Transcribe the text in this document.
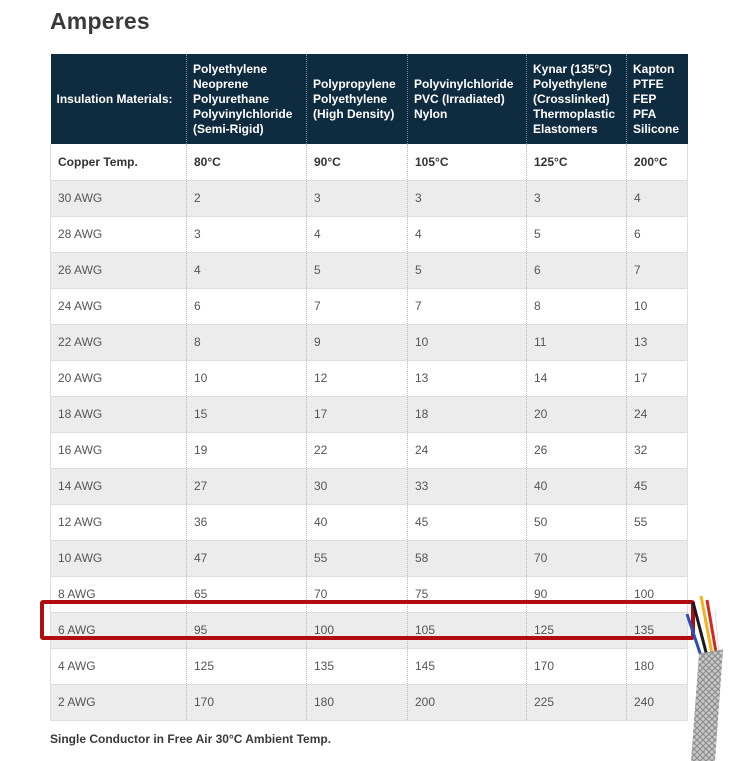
Amperes
Insulation Materials:	Polyethylene
Neoprene
Polyurethane
Polyvinylchloride
(Semi-Rigid)	Polypropylene
Polyethylene
(High Density)	Polyvinylchloride
PVC (Irradiated)
Nylon	Kynar (135°C)
Polyethylene
(Crosslinked)
Thermoplastic
Elastomers	Kapton
PTFE
FEP
PFA
Silicone

Copper Temp.	80°C	90°C	105°C	125°C	200°C
30 AWG	2	3	3	3	4
28 AWG	3	4	4	5	6
26 AWG	4	5	5	6	7
24 AWG	6	7	7	8	10
22 AWG	8	9	10	11	13
20 AWG	10	12	13	14	17
18 AWG	15	17	18	20	24
16 AWG	19	22	24	26	32
14 AWG	27	30	33	40	45
12 AWG	36	40	45	50	55
10 AWG	47	55	58	70	75
8 AWG	65	70	75	90	100
6 AWG	95	100	105	125	135
4 AWG	125	135	145	170	180
2 AWG	170	180	200	225	240

Single Conductor in Free Air 30°C Ambient Temp.
